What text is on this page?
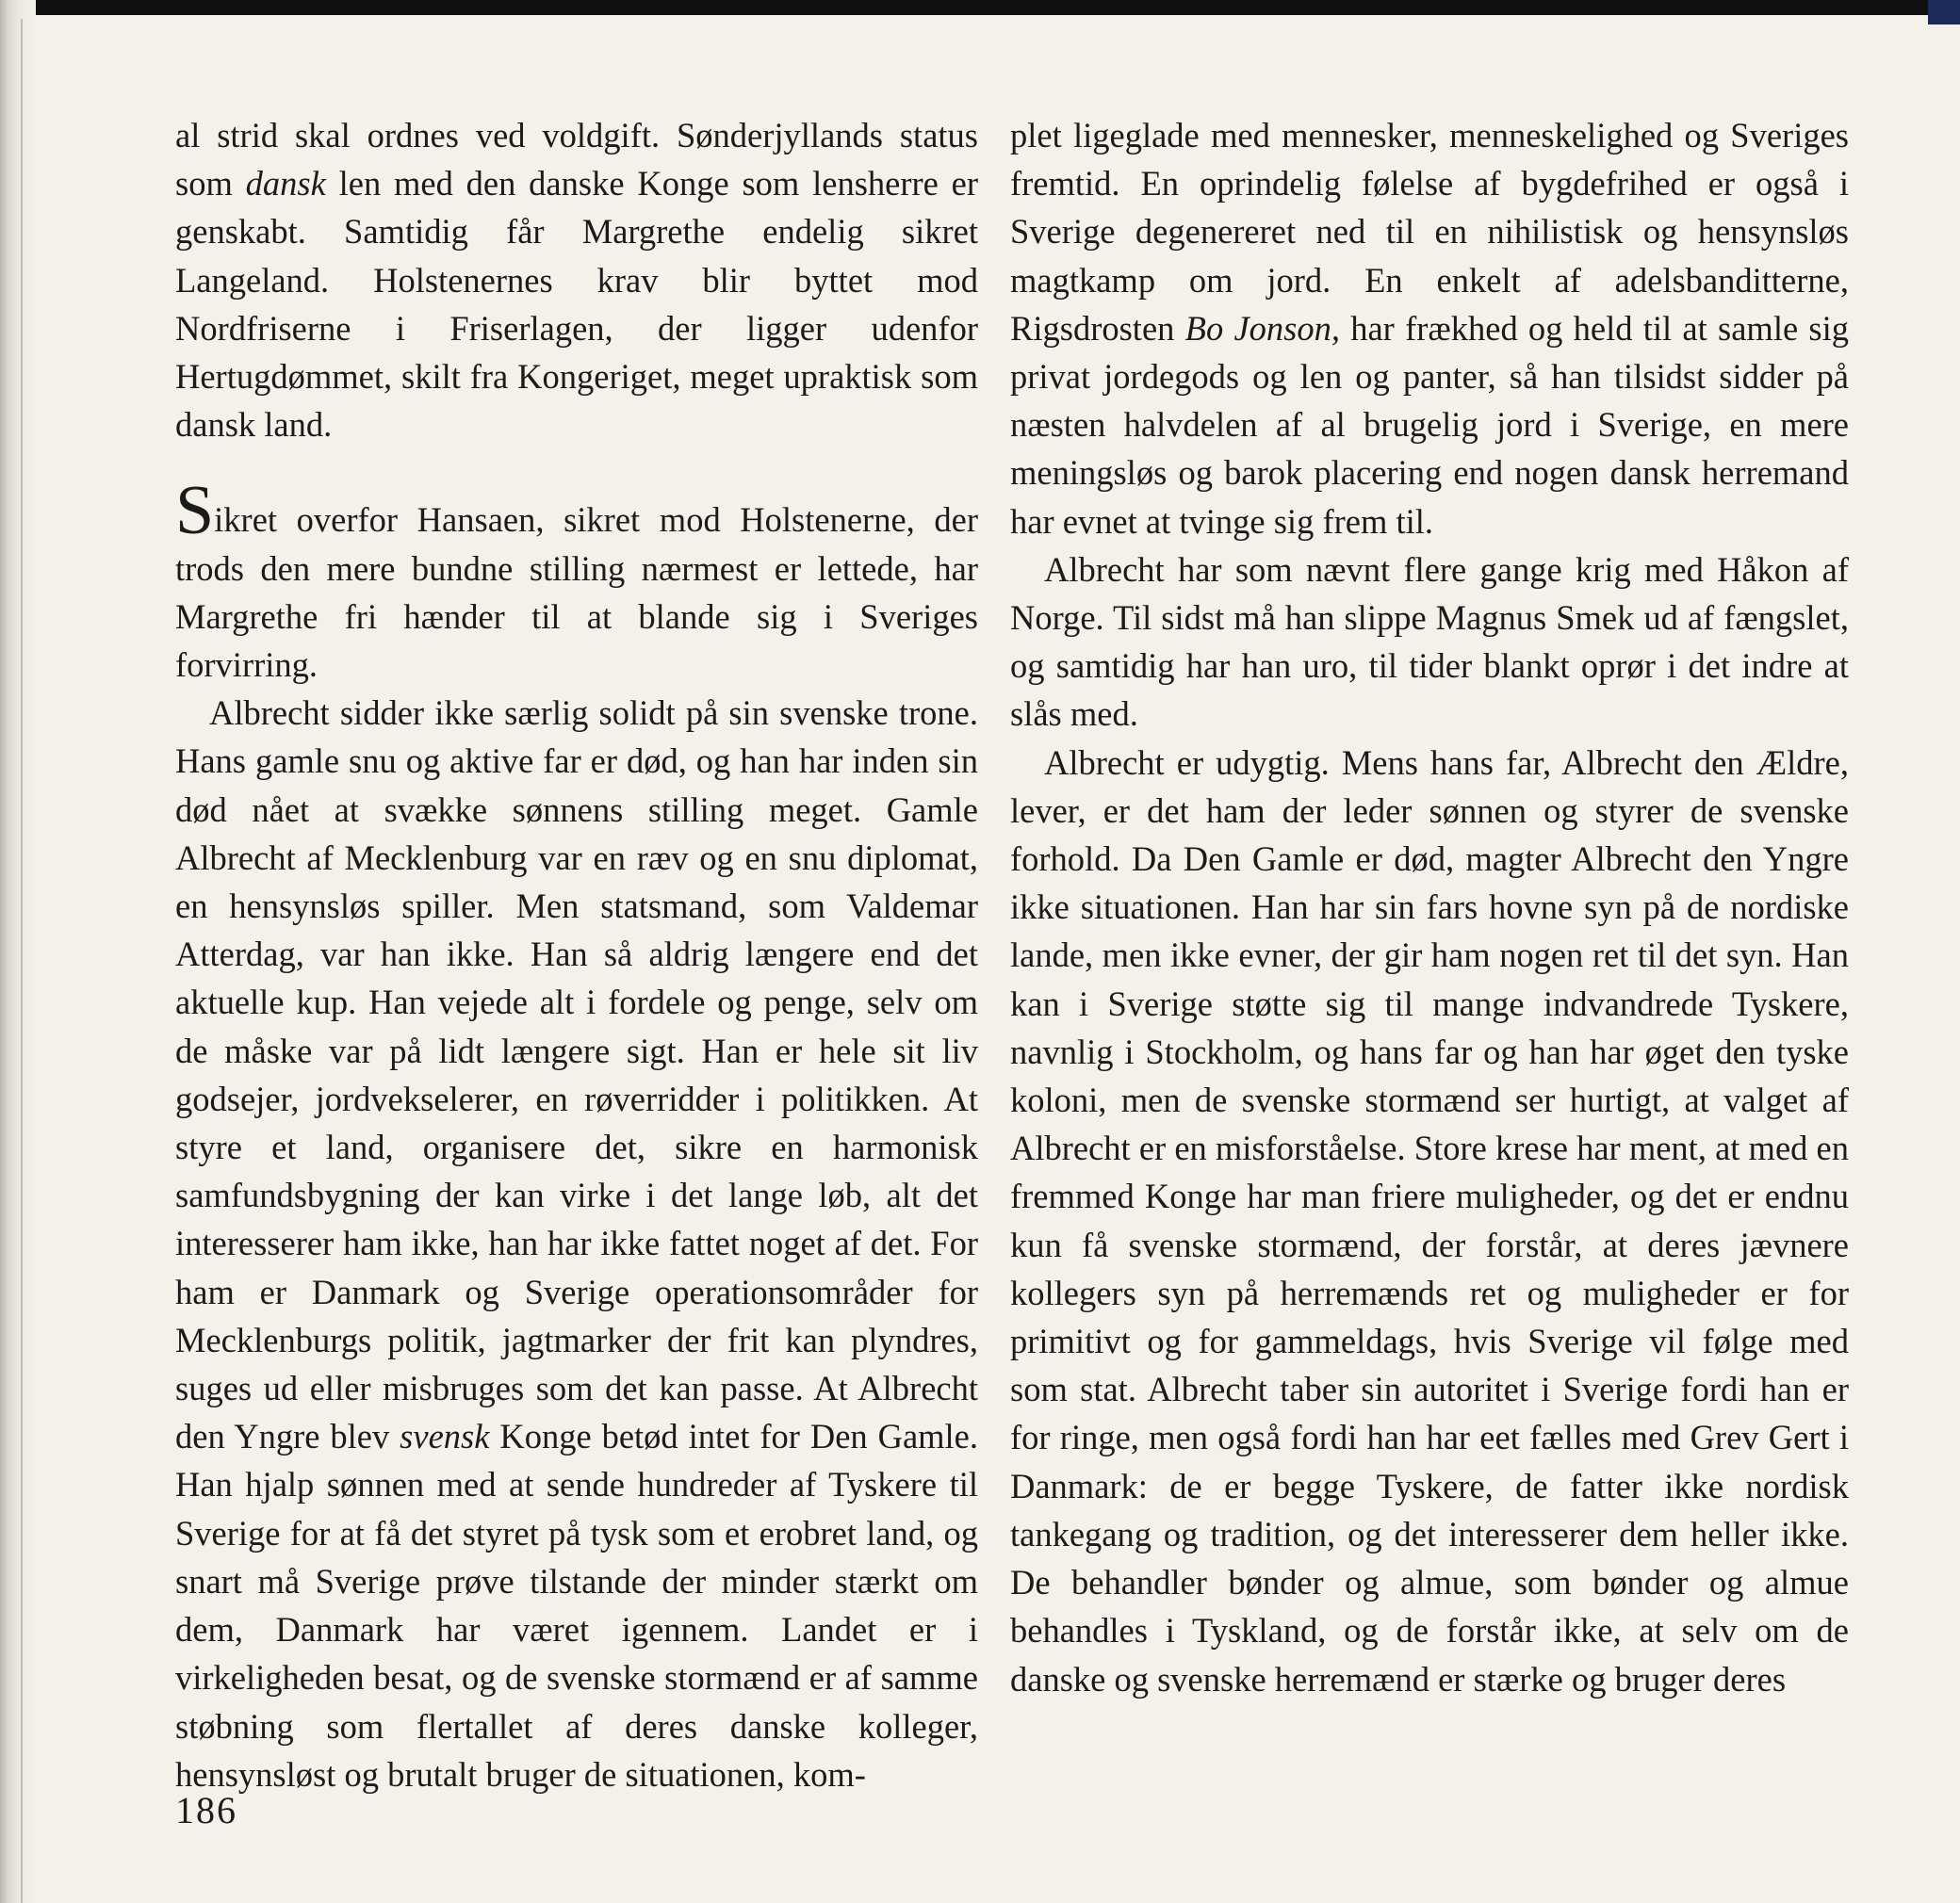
al strid skal ordnes ved voldgift. Sønderjyllands status som dansk len med den danske Konge som lensherre er genskabt. Samtidig får Margrethe endelig sikret Langeland. Holstenernes krav blir byttet mod Nordfriserne i Friserlagen, der ligger udenfor Hertugdømmet, skilt fra Kongeriget, meget upraktisk som dansk land.

Sikret overfor Hansaen, sikret mod Holstenerne, der trods den mere bundne stilling nærmest er lettede, har Margrethe fri hænder til at blande sig i Sveriges forvirring.

Albrecht sidder ikke særlig solidt på sin svenske trone. Hans gamle snu og aktive far er død, og han har inden sin død nået at svække sønnens stilling meget. Gamle Albrecht af Mecklenburg var en ræv og en snu diplomat, en hensynsløs spiller. Men statsmand, som Valdemar Atterdag, var han ikke. Han så aldrig længere end det aktuelle kup. Han vejede alt i fordele og penge, selv om de måske var på lidt længere sigt. Han er hele sit liv godsejer, jordvekselerer, en røverridder i politikken. At styre et land, organisere det, sikre en harmonisk samfundsbygning der kan virke i det lange løb, alt det interesserer ham ikke, han har ikke fattet noget af det. For ham er Danmark og Sverige operationsområder for Mecklenburgs politik, jagtmarker der frit kan plyndres, suges ud eller misbruges som det kan passe. At Albrecht den Yngre blev svensk Konge betød intet for Den Gamle. Han hjalp sønnen med at sende hundreder af Tyskere til Sverige for at få det styret på tysk som et erobret land, og snart må Sverige prøve tilstande der minder stærkt om dem, Danmark har været igennem. Landet er i virkeligheden besat, og de svenske stormænd er af samme støbning som flertallet af deres danske kolleger, hensynsløst og brutalt bruger de situationen, kom-

plet ligeglade med mennesker, menneskelighed og Sveriges fremtid. En oprindelig følelse af bygdefrihed er også i Sverige degenereret ned til en nihilistisk og hensynsløs magtkamp om jord. En enkelt af adelsbanditterne, Rigsdrosten Bo Jonson, har frækhed og held til at samle sig privat jordegods og len og panter, så han tilsidst sidder på næsten halvdelen af al brugelig jord i Sverige, en mere meningsløs og barok placering end nogen dansk herremand har evnet at tvinge sig frem til.

Albrecht har som nævnt flere gange krig med Håkon af Norge. Til sidst må han slippe Magnus Smek ud af fængslet, og samtidig har han uro, til tider blankt oprør i det indre at slås med.

Albrecht er udygtig. Mens hans far, Albrecht den Ældre, lever, er det ham der leder sønnen og styrer de svenske forhold. Da Den Gamle er død, magter Albrecht den Yngre ikke situationen. Han har sin fars hovne syn på de nordiske lande, men ikke evner, der gir ham nogen ret til det syn. Han kan i Sverige støtte sig til mange indvandrede Tyskere, navnlig i Stockholm, og hans far og han har øget den tyske koloni, men de svenske stormænd ser hurtigt, at valget af Albrecht er en misforståelse. Store krese har ment, at med en fremmed Konge har man friere muligheder, og det er endnu kun få svenske stormænd, der forstår, at deres jævnere kollegers syn på herremænds ret og muligheder er for primitivt og for gammeldags, hvis Sverige vil følge med som stat. Albrecht taber sin autoritet i Sverige fordi han er for ringe, men også fordi han har eet fælles med Grev Gert i Danmark: de er begge Tyskere, de fatter ikke nordisk tankegang og tradition, og det interesserer dem heller ikke. De behandler bønder og almue, som bønder og almue behandles i Tyskland, og de forstår ikke, at selv om de danske og svenske herremænd er stærke og bruger deres

186
